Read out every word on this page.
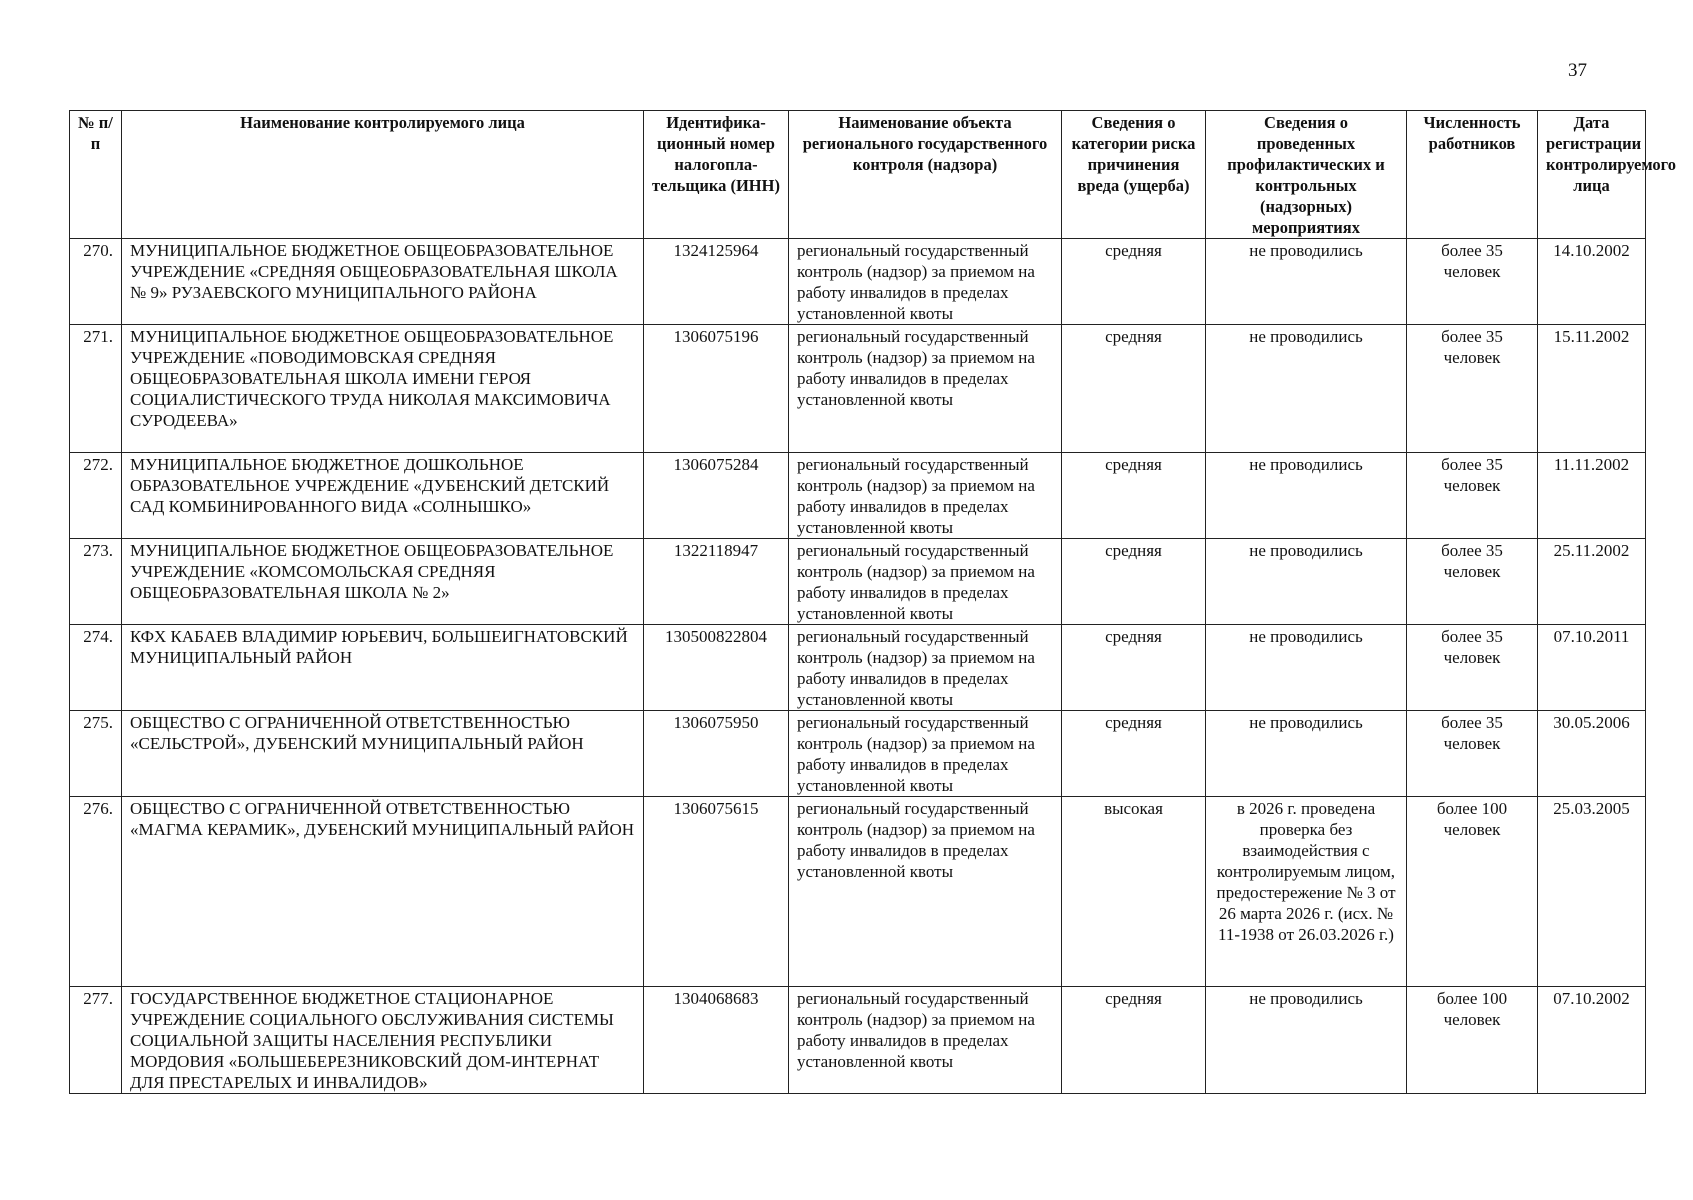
37
№ п/п	Наименование контролируемого лица	Идентифика-ционный номер налогопла-тельщика (ИНН)	Наименование объекта регионального государственного контроля (надзора)	Сведения о категории риска причинения вреда (ущерба)	Сведения о проведенных профилактических и контрольных (надзорных) мероприятиях	Численность работников	Дата регистрации контролируемого лица
270.	МУНИЦИПАЛЬНОЕ БЮДЖЕТНОЕ ОБЩЕОБРАЗОВАТЕЛЬНОЕ УЧРЕЖДЕНИЕ «СРЕДНЯЯ ОБЩЕОБРАЗОВАТЕЛЬНАЯ ШКОЛА № 9» РУЗАЕВСКОГО МУНИЦИПАЛЬНОГО РАЙОНА	1324125964	региональный государственный контроль (надзор) за приемом на работу инвалидов в пределах установленной квоты	средняя	не проводились	более 35 человек	14.10.2002
271.	МУНИЦИПАЛЬНОЕ БЮДЖЕТНОЕ ОБЩЕОБРАЗОВАТЕЛЬНОЕ УЧРЕЖДЕНИЕ «ПОВОДИМОВСКАЯ СРЕДНЯЯ ОБЩЕОБРАЗОВАТЕЛЬНАЯ ШКОЛА ИМЕНИ ГЕРОЯ СОЦИАЛИСТИЧЕСКОГО ТРУДА НИКОЛАЯ МАКСИМОВИЧА СУРОДЕЕВА»	1306075196	региональный государственный контроль (надзор) за приемом на работу инвалидов в пределах установленной квоты	средняя	не проводились	более 35 человек	15.11.2002
272.	МУНИЦИПАЛЬНОЕ БЮДЖЕТНОЕ ДОШКОЛЬНОЕ ОБРАЗОВАТЕЛЬНОЕ УЧРЕЖДЕНИЕ «ДУБЕНСКИЙ ДЕТСКИЙ САД КОМБИНИРОВАННОГО ВИДА «СОЛНЫШКО»	1306075284	региональный государственный контроль (надзор) за приемом на работу инвалидов в пределах установленной квоты	средняя	не проводились	более 35 человек	11.11.2002
273.	МУНИЦИПАЛЬНОЕ БЮДЖЕТНОЕ ОБЩЕОБРАЗОВАТЕЛЬНОЕ УЧРЕЖДЕНИЕ «КОМСОМОЛЬСКАЯ СРЕДНЯЯ ОБЩЕОБРАЗОВАТЕЛЬНАЯ ШКОЛА № 2»	1322118947	региональный государственный контроль (надзор) за приемом на работу инвалидов в пределах установленной квоты	средняя	не проводились	более 35 человек	25.11.2002
274.	КФХ КАБАЕВ ВЛАДИМИР ЮРЬЕВИЧ, БОЛЬШЕИГНАТОВСКИЙ МУНИЦИПАЛЬНЫЙ РАЙОН	130500822804	региональный государственный контроль (надзор) за приемом на работу инвалидов в пределах установленной квоты	средняя	не проводились	более 35 человек	07.10.2011
275.	ОБЩЕСТВО С ОГРАНИЧЕННОЙ ОТВЕТСТВЕННОСТЬЮ «СЕЛЬСТРОЙ», ДУБЕНСКИЙ МУНИЦИПАЛЬНЫЙ РАЙОН	1306075950	региональный государственный контроль (надзор) за приемом на работу инвалидов в пределах установленной квоты	средняя	не проводились	более 35 человек	30.05.2006
276.	ОБЩЕСТВО С ОГРАНИЧЕННОЙ ОТВЕТСТВЕННОСТЬЮ «МАГМА КЕРАМИК», ДУБЕНСКИЙ МУНИЦИПАЛЬНЫЙ РАЙОН	1306075615	региональный государственный контроль (надзор) за приемом на работу инвалидов в пределах установленной квоты	высокая	в 2026 г. проведена проверка без взаимодействия с контролируемым лицом, предостережение № 3 от 26 марта 2026 г. (исх. № 11-1938 от 26.03.2026 г.)	более 100 человек	25.03.2005
277.	ГОСУДАРСТВЕННОЕ БЮДЖЕТНОЕ СТАЦИОНАРНОЕ УЧРЕЖДЕНИЕ СОЦИАЛЬНОГО ОБСЛУЖИВАНИЯ СИСТЕМЫ СОЦИАЛЬНОЙ ЗАЩИТЫ НАСЕЛЕНИЯ РЕСПУБЛИКИ МОРДОВИЯ «БОЛЬШЕБЕРЕЗНИКОВСКИЙ ДОМ-ИНТЕРНАТ ДЛЯ ПРЕСТАРЕЛЫХ И ИНВАЛИДОВ»	1304068683	региональный государственный контроль (надзор) за приемом на работу инвалидов в пределах установленной квоты	средняя	не проводились	более 100 человек	07.10.2002
